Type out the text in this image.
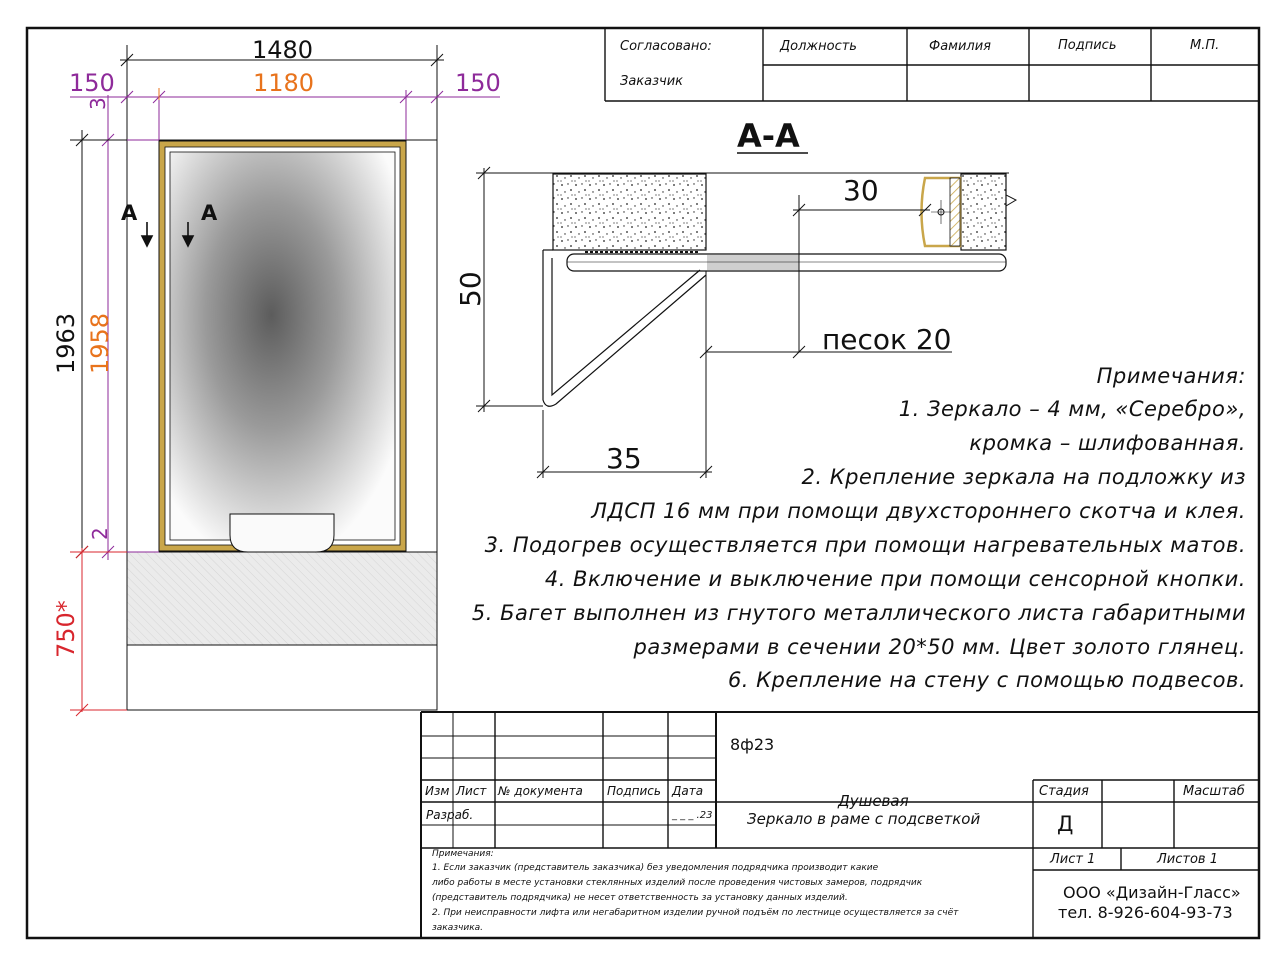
Согласовано:
Заказчик
Должность	Фамилия	Подпись	М.П.
1480
150	1180	150
3
1963 1958
2
750*
A	A
А-А
30
50
35
песок 20
Примечания:
1. Зеркало – 4 мм, «Серебро»,
кромка – шлифованная.
2. Крепление зеркала на подложку из
ЛДСП 16 мм при помощи двухстороннего скотча и клея.
3. Подогрев осуществляется при помощи нагревательных матов.
4. Включение и выключение при помощи сенсорной кнопки.
5. Багет выполнен из гнутого металлического листа габаритными
размерами в сечении 20*50 мм. Цвет золото глянец.
6. Крепление на стену с помощью подвесов.
8ф23
Изм Лист № документа Подпись Дата
Разраб.	_ _ _ .23
Душевая
Зеркало в раме с подсветкой
Стадия	Масштаб
Д
Лист 1	Листов 1
ООО «Дизайн-Гласс»
тел. 8-926-604-93-73
Примечания:
1. Если заказчик (представитель заказчика) без уведомления подрядчика производит какие
либо работы в месте установки стеклянных изделий после проведения чистовых замеров, подрядчик
(представитель подрядчика) не несет ответственность за установку данных изделий.
2. При неисправности лифта или негабаритном изделии ручной подъём по лестнице осуществляется за счёт
заказчика.
